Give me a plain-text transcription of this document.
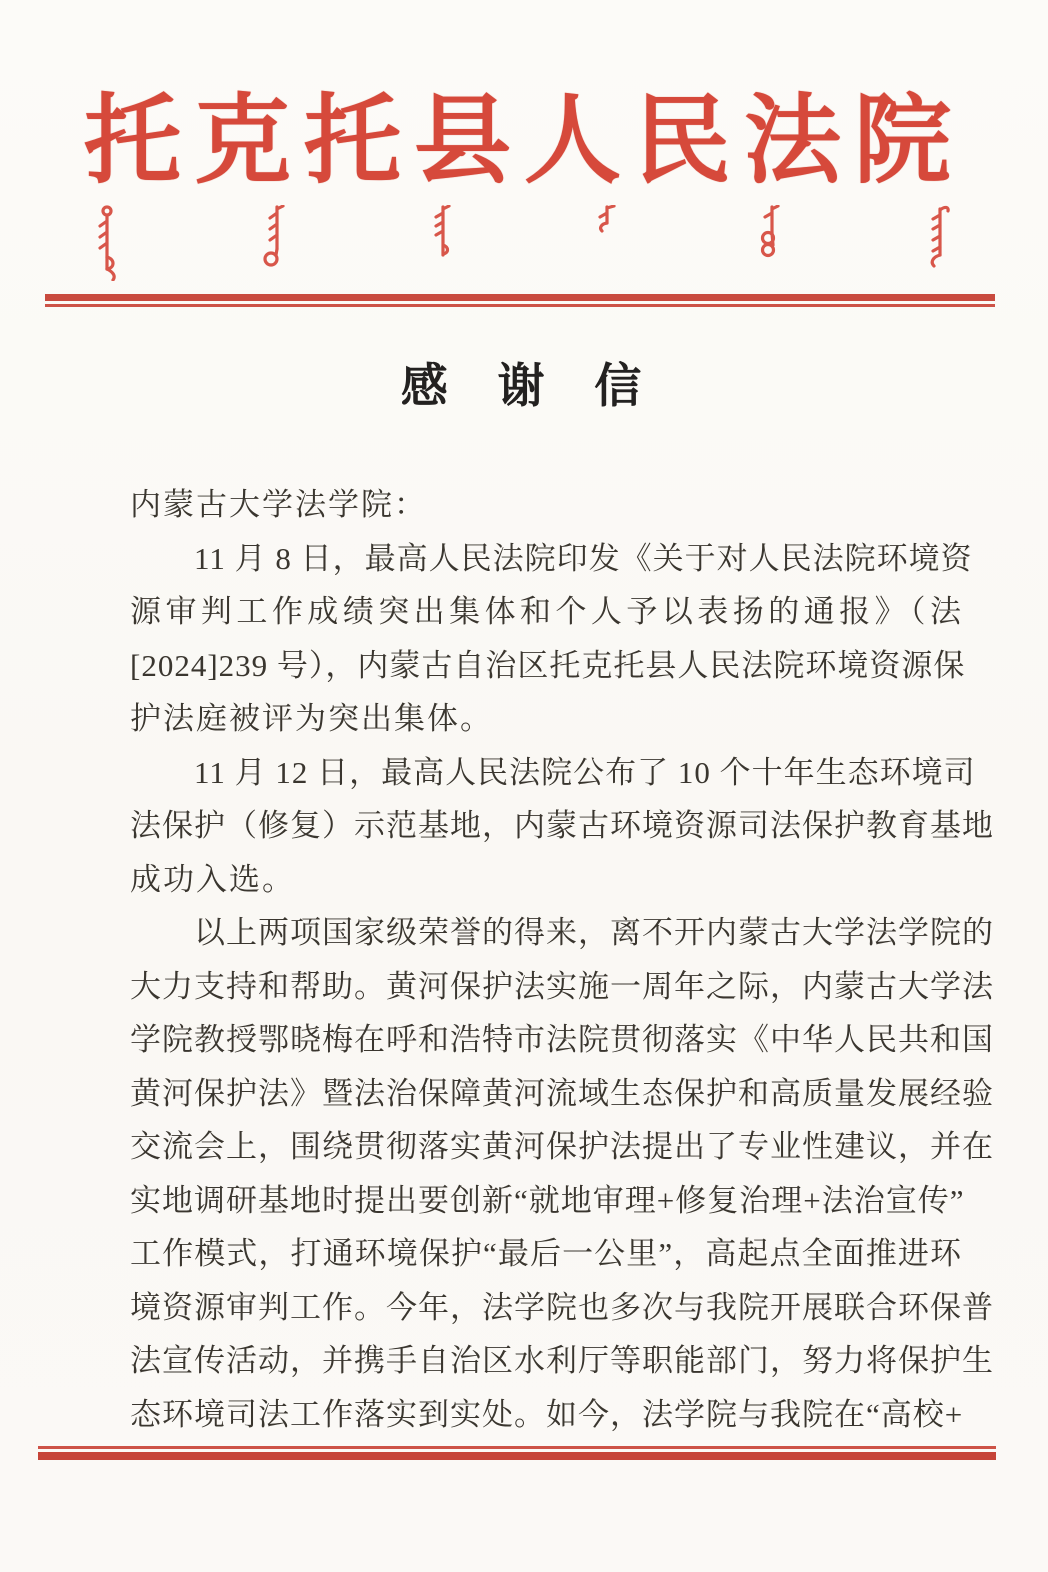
托克托县人民法院
感 谢 信
内蒙古大学法学院：
11 月 8 日，最高人民法院印发《关于对人民法院环境资
源审判工作成绩突出集体和个人予以表扬的通报》（法
[2024]239 号），内蒙古自治区托克托县人民法院环境资源保
护法庭被评为突出集体。
11 月 12 日，最高人民法院公布了 10 个十年生态环境司
法保护（修复）示范基地，内蒙古环境资源司法保护教育基地
成功入选。
以上两项国家级荣誉的得来，离不开内蒙古大学法学院的
大力支持和帮助。黄河保护法实施一周年之际，内蒙古大学法
学院教授鄂晓梅在呼和浩特市法院贯彻落实《中华人民共和国
黄河保护法》暨法治保障黄河流域生态保护和高质量发展经验
交流会上，围绕贯彻落实黄河保护法提出了专业性建议，并在
实地调研基地时提出要创新“就地审理+修复治理+法治宣传”
工作模式，打通环境保护“最后一公里”，高起点全面推进环
境资源审判工作。今年，法学院也多次与我院开展联合环保普
法宣传活动，并携手自治区水利厅等职能部门，努力将保护生
态环境司法工作落实到实处。如今，法学院与我院在“高校+
